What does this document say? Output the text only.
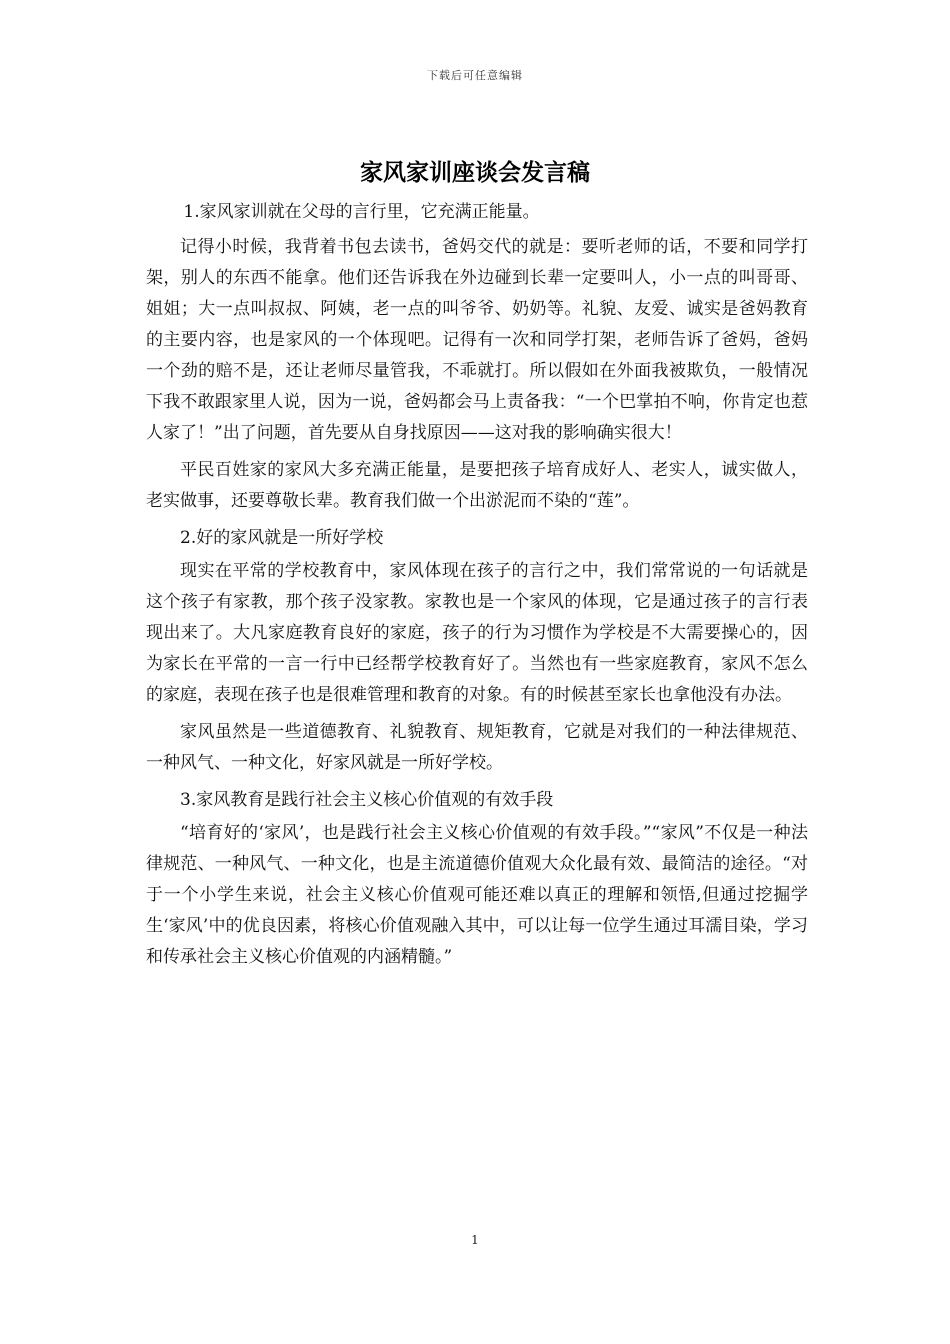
下载后可任意编辑
家风家训座谈会发言稿

1.家风家训就在父母的言行里，它充满正能量。

记得小时候，我背着书包去读书，爸妈交代的就是：要听老师的话，不要和同学打架，别人的东西不能拿。他们还告诉我在外边碰到长辈一定要叫人，小一点的叫哥哥、姐姐；大一点叫叔叔、阿姨，老一点的叫爷爷、奶奶等。礼貌、友爱、诚实是爸妈教育的主要内容，也是家风的一个体现吧。记得有一次和同学打架，老师告诉了爸妈，爸妈一个劲的赔不是，还让老师尽量管我，不乖就打。所以假如在外面我被欺负，一般情况下我不敢跟家里人说，因为一说，爸妈都会马上责备我：“一个巴掌拍不响，你肯定也惹人家了！”出了问题，首先要从自身找原因——这对我的影响确实很大！

平民百姓家的家风大多充满正能量，是要把孩子培育成好人、老实人，诚实做人，老实做事，还要尊敬长辈。教育我们做一个出淤泥而不染的“莲”。

2.好的家风就是一所好学校

现实在平常的学校教育中，家风体现在孩子的言行之中，我们常常说的一句话就是这个孩子有家教，那个孩子没家教。家教也是一个家风的体现，它是通过孩子的言行表现出来了。大凡家庭教育良好的家庭，孩子的行为习惯作为学校是不大需要操心的，因为家长在平常的一言一行中已经帮学校教育好了。当然也有一些家庭教育，家风不怎么的家庭，表现在孩子也是很难管理和教育的对象。有的时候甚至家长也拿他没有办法。

家风虽然是一些道德教育、礼貌教育、规矩教育，它就是对我们的一种法律规范、一种风气、一种文化，好家风就是一所好学校。

3.家风教育是践行社会主义核心价值观的有效手段

“培育好的‘家风’，也是践行社会主义核心价值观的有效手段。”“家风”不仅是一种法律规范、一种风气、一种文化，也是主流道德价值观大众化最有效、最简洁的途径。“对于一个小学生来说，社会主义核心价值观可能还难以真正的理解和领悟,但通过挖掘学生‘家风’中的优良因素，将核心价值观融入其中，可以让每一位学生通过耳濡目染，学习和传承社会主义核心价值观的内涵精髓。”

1
